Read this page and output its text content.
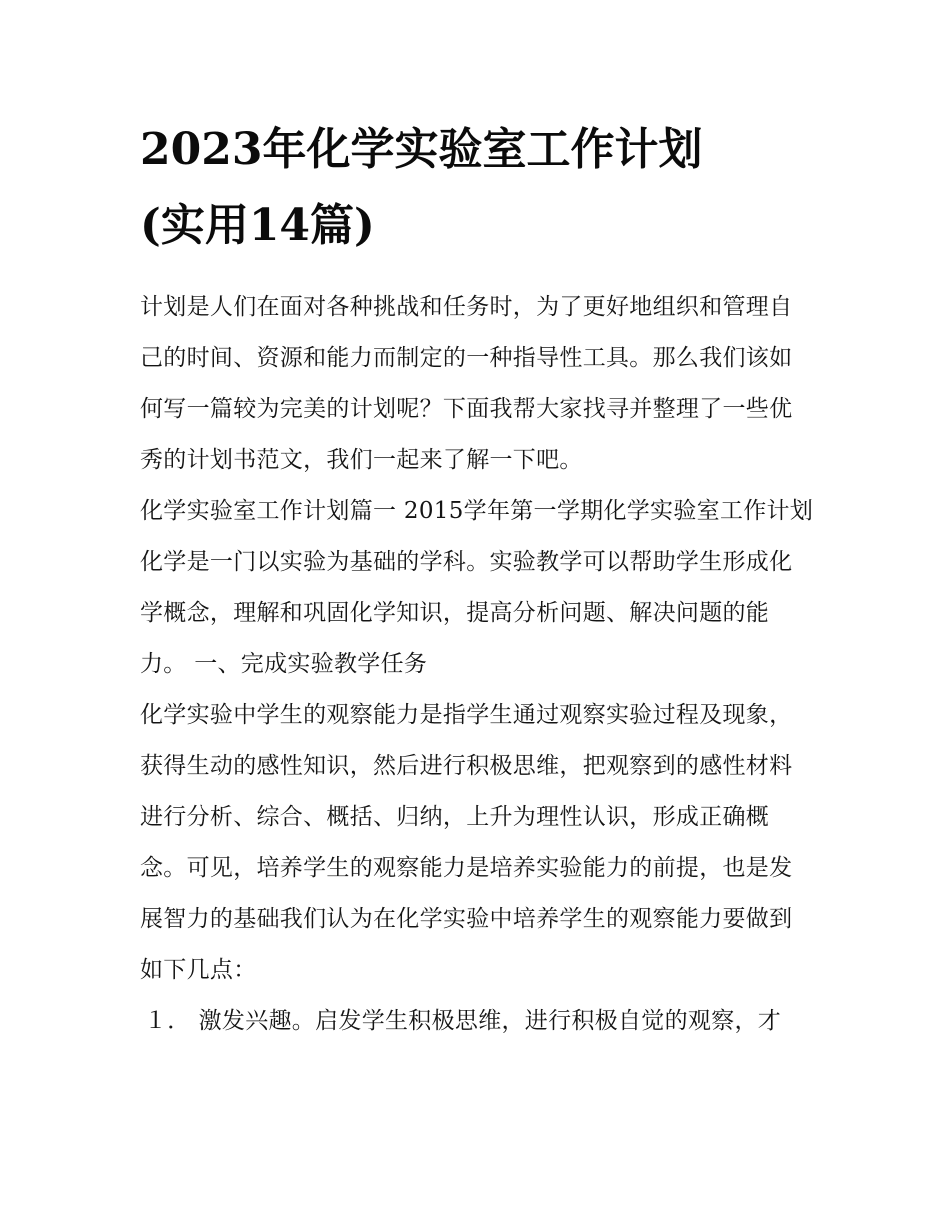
2023年化学实验室工作计划
(实用14篇)

计划是人们在面对各种挑战和任务时，为了更好地组织和管理自己的时间、资源和能力而制定的一种指导性工具。那么我们该如何写一篇较为完美的计划呢？下面我帮大家找寻并整理了一些优秀的计划书范文，我们一起来了解一下吧。

化学实验室工作计划篇一 2015学年第一学期化学实验室工作计划

化学是一门以实验为基础的学科。实验教学可以帮助学生形成化学概念，理解和巩固化学知识，提高分析问题、解决问题的能力。 一、完成实验教学任务

化学实验中学生的观察能力是指学生通过观察实验过程及现象，获得生动的感性知识，然后进行积极思维，把观察到的感性材料进行分析、综合、概括、归纳，上升为理性认识，形成正确概念。可见，培养学生的观察能力是培养实验能力的前提，也是发展智力的基础我们认为在化学实验中培养学生的观察能力要做到如下几点：

１． 激发兴趣。启发学生积极思维，进行积极自觉的观察，才
